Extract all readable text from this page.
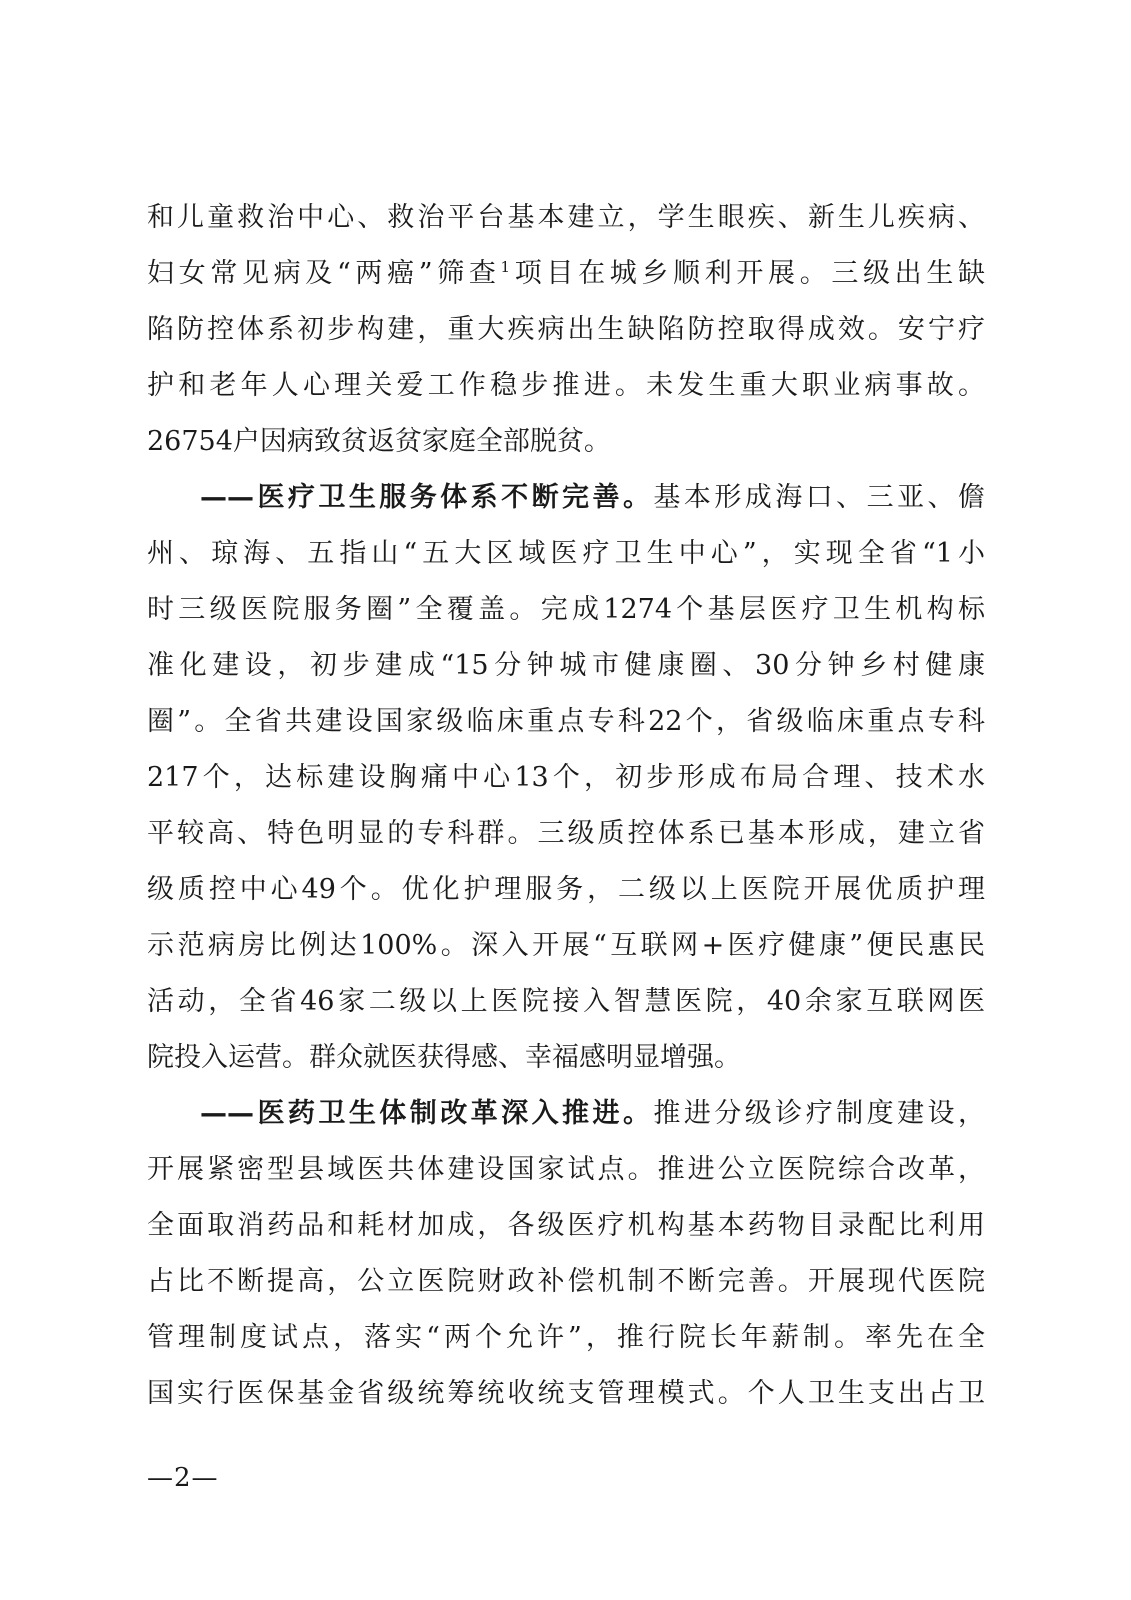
和儿童救治中心、救治平台基本建立，学生眼疾、新生儿疾病、
妇女常见病及“两癌”筛查$^1$项目在城乡顺利开展。三级出生缺
陷防控体系初步构建，重大疾病出生缺陷防控取得成效。安宁疗
护和老年人心理关爱工作稳步推进。未发生重大职业病事故。
26754户因病致贫返贫家庭全部脱贫。
——医疗卫生服务体系不断完善。基本形成海口、三亚、儋
州、琼海、五指山“五大区域医疗卫生中心”，实现全省“1小
时三级医院服务圈”全覆盖。完成1274个基层医疗卫生机构标
准化建设，初步建成“15分钟城市健康圈、30分钟乡村健康
圈”。全省共建设国家级临床重点专科22个，省级临床重点专科
217个，达标建设胸痛中心13个，初步形成布局合理、技术水
平较高、特色明显的专科群。三级质控体系已基本形成，建立省
级质控中心49个。优化护理服务，二级以上医院开展优质护理
示范病房比例达100%。深入开展“互联网+医疗健康”便民惠民
活动，全省46家二级以上医院接入智慧医院，40余家互联网医
院投入运营。群众就医获得感、幸福感明显增强。
——医药卫生体制改革深入推进。推进分级诊疗制度建设，
开展紧密型县域医共体建设国家试点。推进公立医院综合改革，
全面取消药品和耗材加成，各级医疗机构基本药物目录配比利用
占比不断提高，公立医院财政补偿机制不断完善。开展现代医院
管理制度试点，落实“两个允许”，推行院长年薪制。率先在全
国实行医保基金省级统筹统收统支管理模式。个人卫生支出占卫
—2—
